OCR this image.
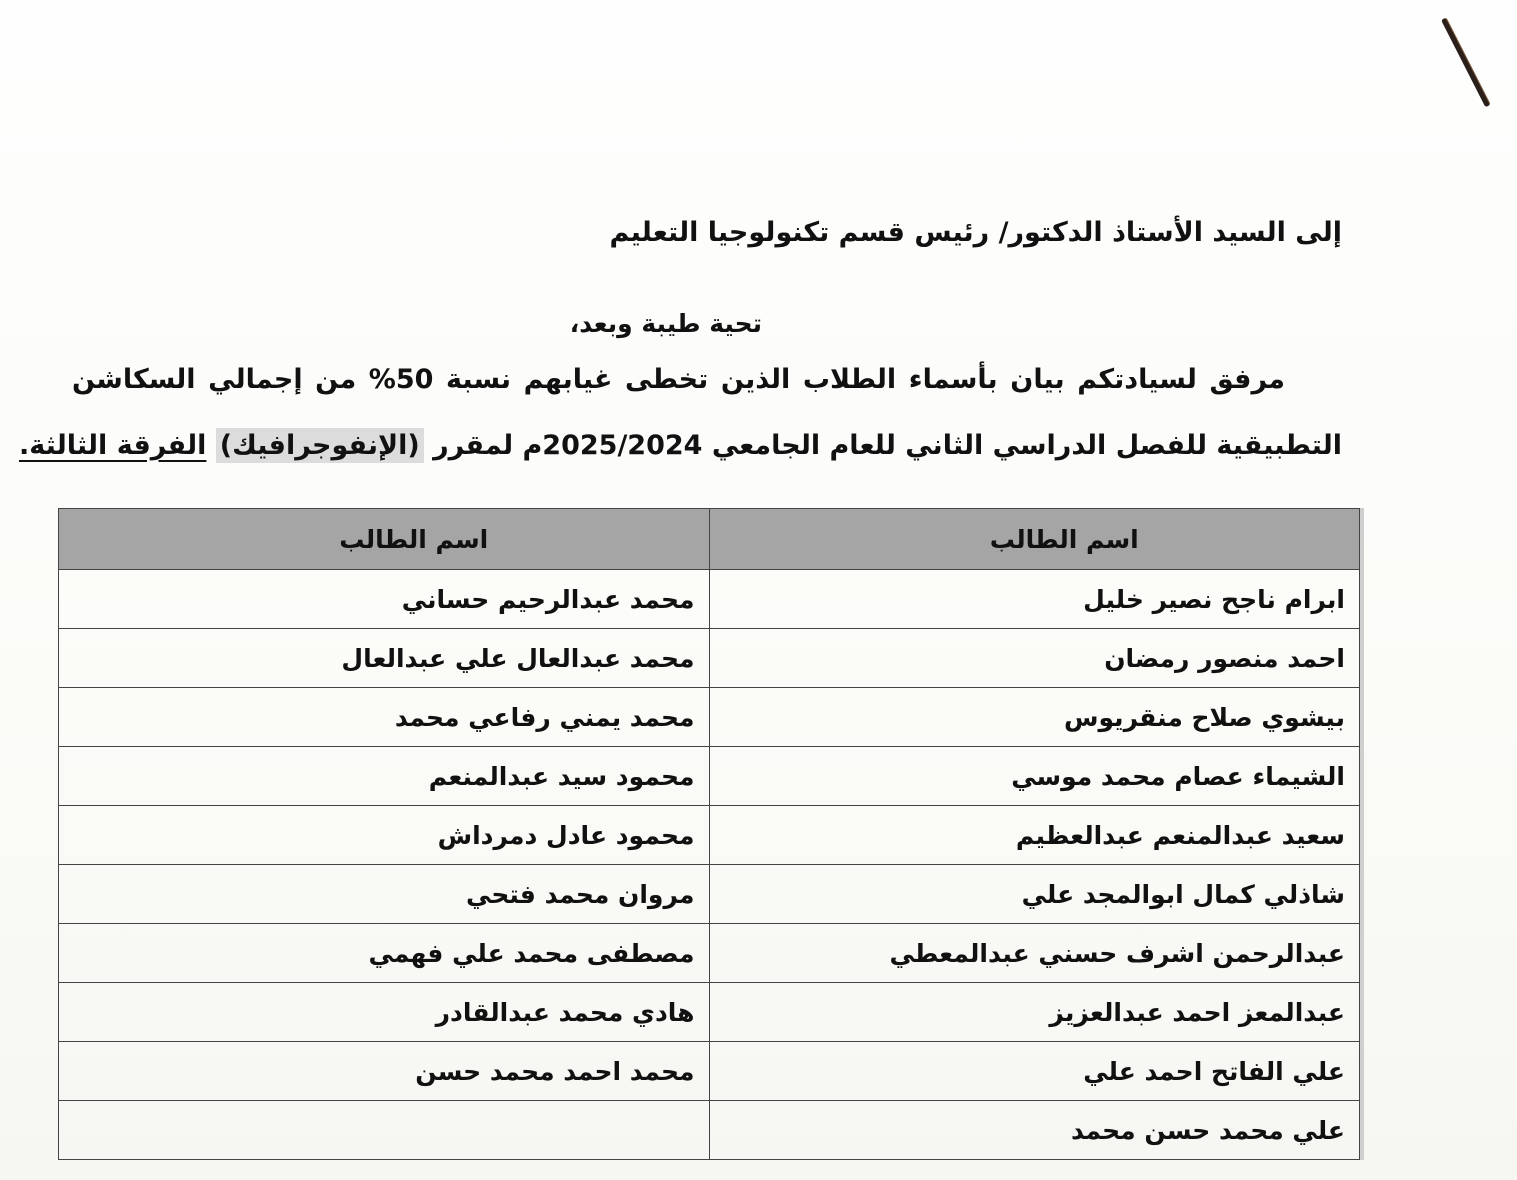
إلى السيد الأستاذ الدكتور/ رئيس قسم تكنولوجيا التعليم
تحية طيبة وبعد،
مرفق لسيادتكم بيان بأسماء الطلاب الذين تخطى غيابهم نسبة 50% من إجمالي السكاشن
التطبيقية للفصل الدراسي الثاني للعام الجامعي 2025/2024م لمقرر (الإنفوجرافيك) الفرقة الثالثة.
اسم الطالب	اسم الطالب
ابرام ناجح نصير خليل	محمد عبدالرحيم حساني
احمد منصور رمضان	محمد عبدالعال علي عبدالعال
بيشوي صلاح منقريوس	محمد يمني رفاعي محمد
الشيماء عصام محمد موسي	محمود سيد عبدالمنعم
سعيد عبدالمنعم عبدالعظيم	محمود عادل دمرداش
شاذلي كمال ابوالمجد علي	مروان محمد فتحي
عبدالرحمن اشرف حسني عبدالمعطي	مصطفى محمد علي فهمي
عبدالمعز احمد عبدالعزيز	هادي محمد عبدالقادر
علي الفاتح احمد علي	محمد احمد محمد حسن
علي محمد حسن محمد	
